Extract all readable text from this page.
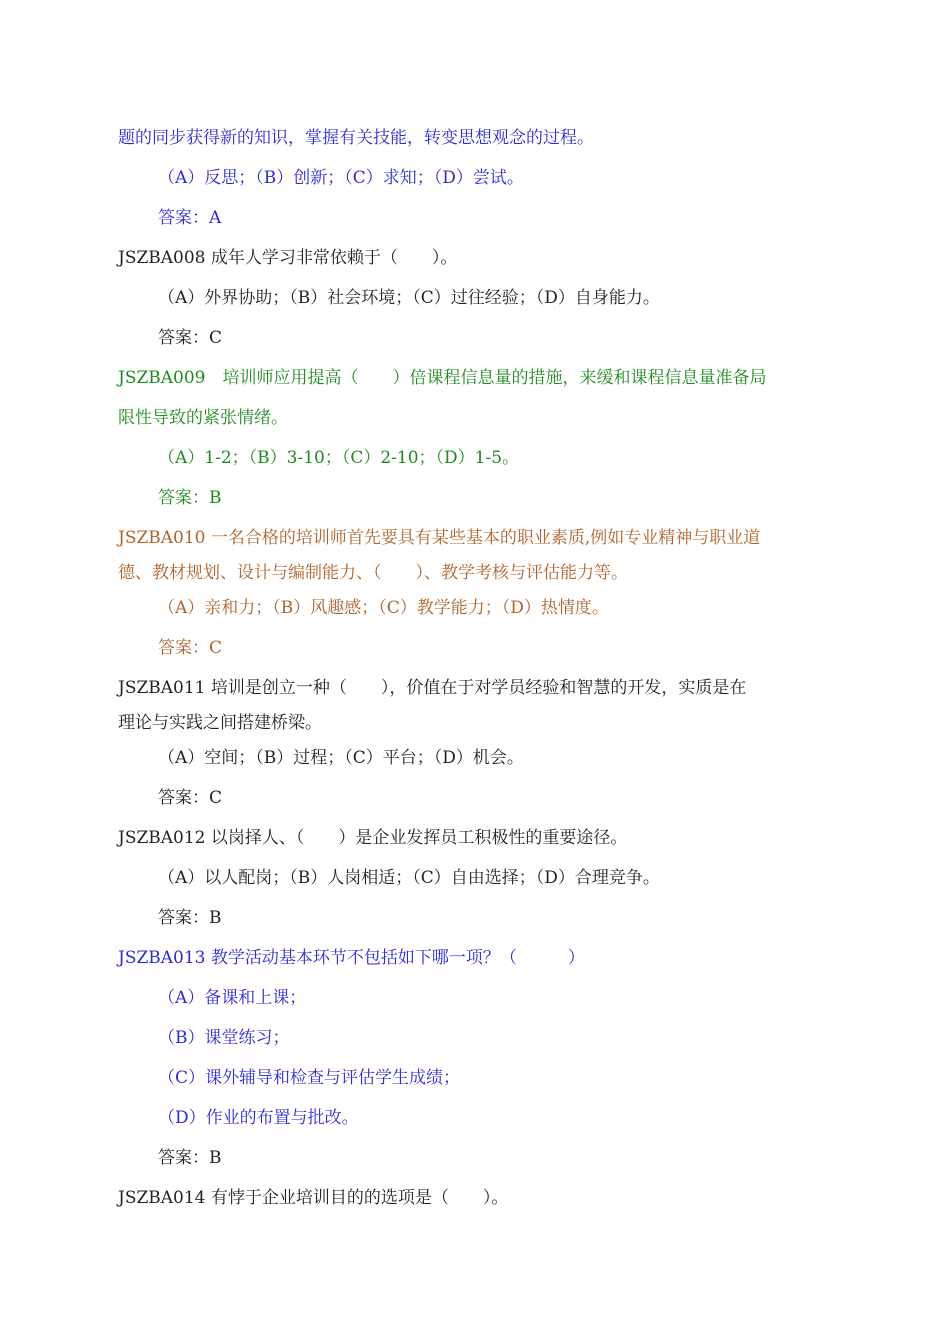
题的同步获得新的知识，掌握有关技能，转变思想观念的过程。
（A）反思；（B）创新；（C）求知；（D）尝试。
答案：A
JSZBA008 成年人学习非常依赖于（　　）。
（A）外界协助；（B）社会环境；（C）过往经验；（D）自身能力。
答案：C
JSZBA009　培训师应用提高（　　）倍课程信息量的措施，来缓和课程信息量准备局
限性导致的紧张情绪。
（A）1-2；（B）3-10；（C）2-10；（D）1-5。
答案：B
JSZBA010 一名合格的培训师首先要具有某些基本的职业素质,例如专业精神与职业道
德、教材规划、设计与编制能力、（　　）、教学考核与评估能力等。
（A）亲和力；（B）风趣感；（C）教学能力；（D）热情度。
答案：C
JSZBA011 培训是创立一种（　　），价值在于对学员经验和智慧的开发，实质是在
理论与实践之间搭建桥梁。
（A）空间；（B）过程；（C）平台；（D）机会。
答案：C
JSZBA012 以岗择人、（　　）是企业发挥员工积极性的重要途径。
（A）以人配岗；（B）人岗相适；（C）自由选择；（D）合理竞争。
答案：B
JSZBA013 教学活动基本环节不包括如下哪一项？（　　　）
（A）备课和上课；
（B）课堂练习；
（C）课外辅导和检查与评估学生成绩；
（D）作业的布置与批改。
答案：B
JSZBA014 有悖于企业培训目的的选项是（　　）。
